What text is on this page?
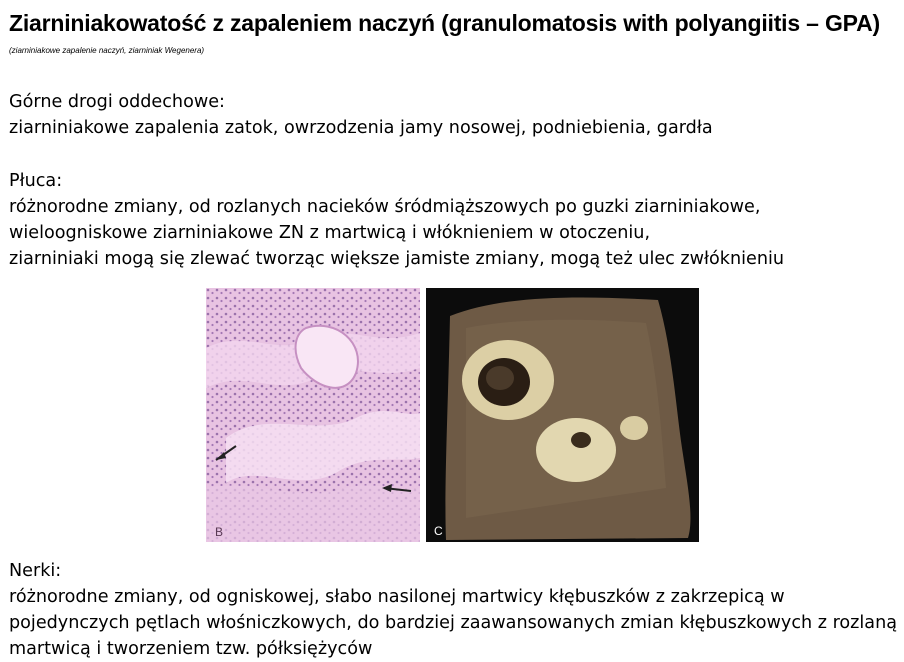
Ziarniniakowatość z zapaleniem naczyń (granulomatosis with polyangiitis – GPA)
(ziarniniakowe zapalenie naczyń, ziarniniak Wegenera)
Górne drogi oddechowe:
ziarniniakowe zapalenia zatok, owrzodzenia jamy nosowej, podniebienia, gardła
Płuca:
różnorodne zmiany, od rozlanych nacieków śródmiąższowych po guzki ziarniniakowe,
wieloogniskowe ziarniniakowe ZN z martwicą i włóknieniem w otoczeniu,
ziarniniaki mogą się zlewać tworząc większe jamiste zmiany, mogą też ulec zwłóknieniu
B	C
Nerki:
różnorodne zmiany, od ogniskowej, słabo nasilonej martwicy kłębuszków z zakrzepicą w
pojedynczych pętlach włośniczkowych, do bardziej zaawansowanych zmian kłębuszkowych z rozlaną
martwicą i tworzeniem tzw. półksiężyców
